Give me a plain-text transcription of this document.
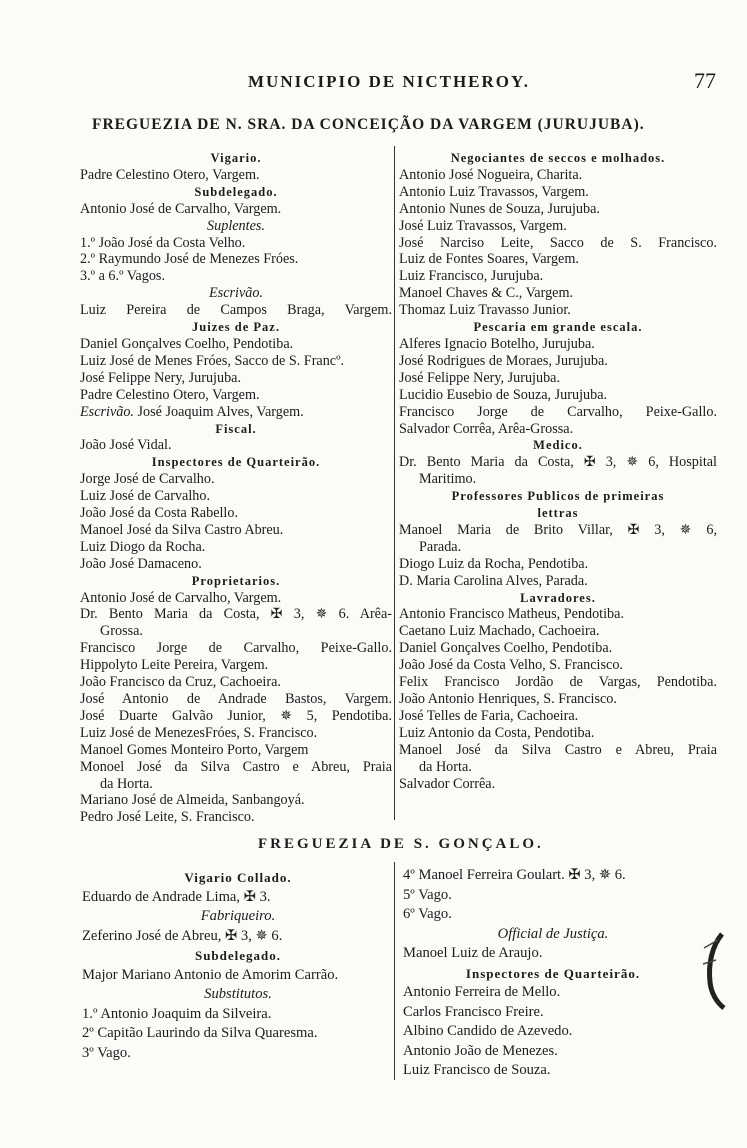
MUNICIPIO DE NICTHEROY.	77
FREGUEZIA DE N. SRA. DA CONCEIÇÃO DA VARGEM (JURUJUBA).
Vigario.
Padre Celestino Otero, Vargem.
Subdelegado.
Antonio José de Carvalho, Vargem.
Suplentes.
1.º João José da Costa Velho.
2.º Raymundo José de Menezes Fróes.
3.º a 6.º Vagos.
Escrivão.
Luiz Pereira de Campos Braga, Vargem.
Juizes de Paz.
Daniel Gonçalves Coelho, Pendotiba.
Luiz José de Menes Fróes, Sacco de S. Francº.
José Felippe Nery, Jurujuba.
Padre Celestino Otero, Vargem.
Escrivão. José Joaquim Alves, Vargem.
Fiscal.
João José Vidal.
Inspectores de Quarteirão.
Jorge José de Carvalho.
Luiz José de Carvalho.
João José da Costa Rabello.
Manoel José da Silva Castro Abreu.
Luiz Diogo da Rocha.
João José Damaceno.
Proprietarios.
Antonio José de Carvalho, Vargem.
Dr. Bento Maria da Costa, ✠ 3, ✵ 6. Arêa-
Grossa.
Francisco Jorge de Carvalho, Peixe-Gallo.
Hippolyto Leite Pereira, Vargem.
João Francisco da Cruz, Cachoeira.
José Antonio de Andrade Bastos, Vargem.
José Duarte Galvão Junior, ✵ 5, Pendotiba.
Luiz José de MenezesFróes, S. Francisco.
Manoel Gomes Monteiro Porto, Vargem
Monoel José da Silva Castro e Abreu, Praia
da Horta.
Mariano José de Almeida, Sanbangoyá.
Pedro José Leite, S. Francisco.
Negociantes de seccos e molhados.
Antonio José Nogueira, Charita.
Antonio Luiz Travassos, Vargem.
Antonio Nunes de Souza, Jurujuba.
José Luiz Travassos, Vargem.
José Narciso Leite, Sacco de S. Francisco.
Luiz de Fontes Soares, Vargem.
Luiz Francisco, Jurujuba.
Manoel Chaves & C., Vargem.
Thomaz Luiz Travasso Junior.
Pescaria em grande escala.
Alferes Ignacio Botelho, Jurujuba.
José Rodrigues de Moraes, Jurujuba.
José Felippe Nery, Jurujuba.
Lucidio Eusebio de Souza, Jurujuba.
Francisco Jorge de Carvalho, Peixe-Gallo.
Salvador Corrêa, Arêa-Grossa.
Medico.
Dr. Bento Maria da Costa, ✠ 3, ✵ 6, Hospital
Maritimo.
Professores Publicos de primeiras
lettras
Manoel Maria de Brito Villar, ✠ 3, ✵ 6,
Parada.
Diogo Luiz da Rocha, Pendotiba.
D. Maria Carolina Alves, Parada.
Lavradores.
Antonio Francisco Matheus, Pendotiba.
Caetano Luiz Machado, Cachoeira.
Daniel Gonçalves Coelho, Pendotiba.
João José da Costa Velho, S. Francisco.
Felix Francisco Jordão de Vargas, Pendotiba.
João Antonio Henriques, S. Francisco.
José Telles de Faria, Cachoeira.
Luiz Antonio da Costa, Pendotiba.
Manoel José da Silva Castro e Abreu, Praia
da Horta.
Salvador Corrêa.
FREGUEZIA DE S. GONÇALO.
Vigario Collado.
Eduardo de Andrade Lima, ✠ 3.
Fabriqueiro.
Zeferino José de Abreu, ✠ 3, ✵ 6.
Subdelegado.
Major Mariano Antonio de Amorim Carrão.
Substitutos.
1.º Antonio Joaquim da Silveira.
2º Capitão Laurindo da Silva Quaresma.
3º Vago.
4º Manoel Ferreira Goulart. ✠ 3, ✵ 6.
5º Vago.
6º Vago.
Official de Justiça.
Manoel Luiz de Araujo.
Inspectores de Quarteirão.
Antonio Ferreira de Mello.
Carlos Francisco Freire.
Albino Candido de Azevedo.
Antonio João de Menezes.
Luiz Francisco de Souza.
